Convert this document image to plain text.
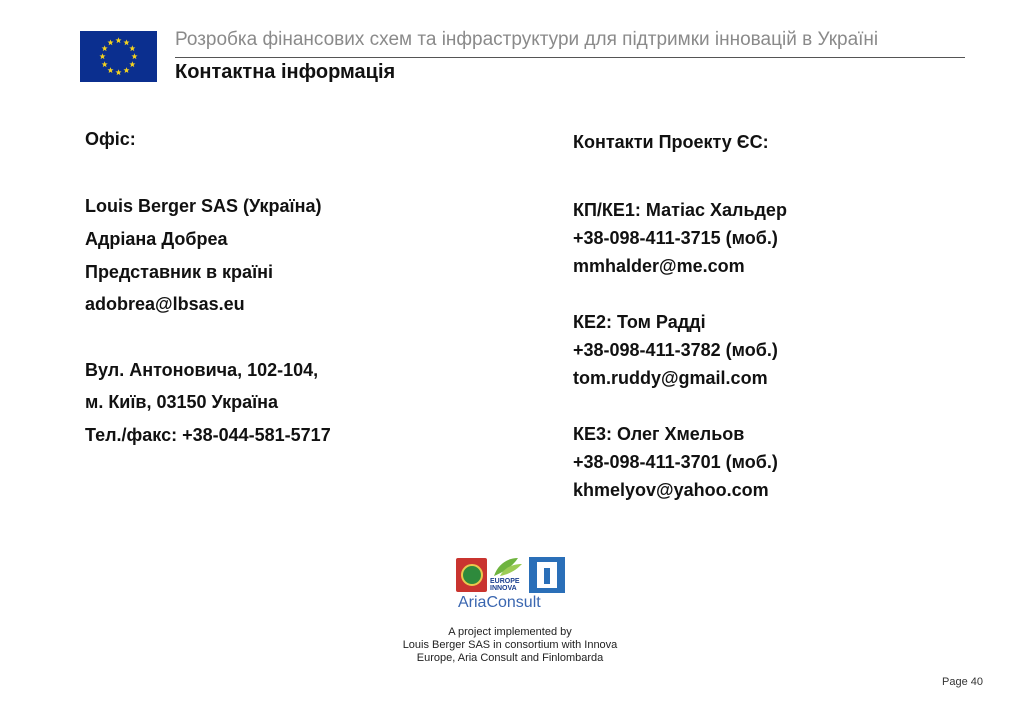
Розробка фінансових схем та інфраструктури для підтримки інновацій в Україні
Контактна інформація
Офіс:
Louis Berger SAS (Україна)
Адріана Добреа
Представник в країні
adobrea@lbsas.eu
Вул. Антоновича, 102-104,
м. Київ, 03150 Україна
Тел./факс: +38-044-581-5717
Контакти Проекту ЄС:
КП/КЕ1: Матіас Хальдер
+38-098-411-3715 (моб.)
mmhalder@me.com
КЕ2: Том Радді
+38-098-411-3782 (моб.)
tom.ruddy@gmail.com
КЕ3: Олег Хмельов
+38-098-411-3701 (моб.)
khmelyov@yahoo.com
EUROPE
INNOVA
AriaConsult
A project implemented by
Louis Berger SAS in consortium with Innova
Europe, Aria Consult and Finlombarda
Page 40
